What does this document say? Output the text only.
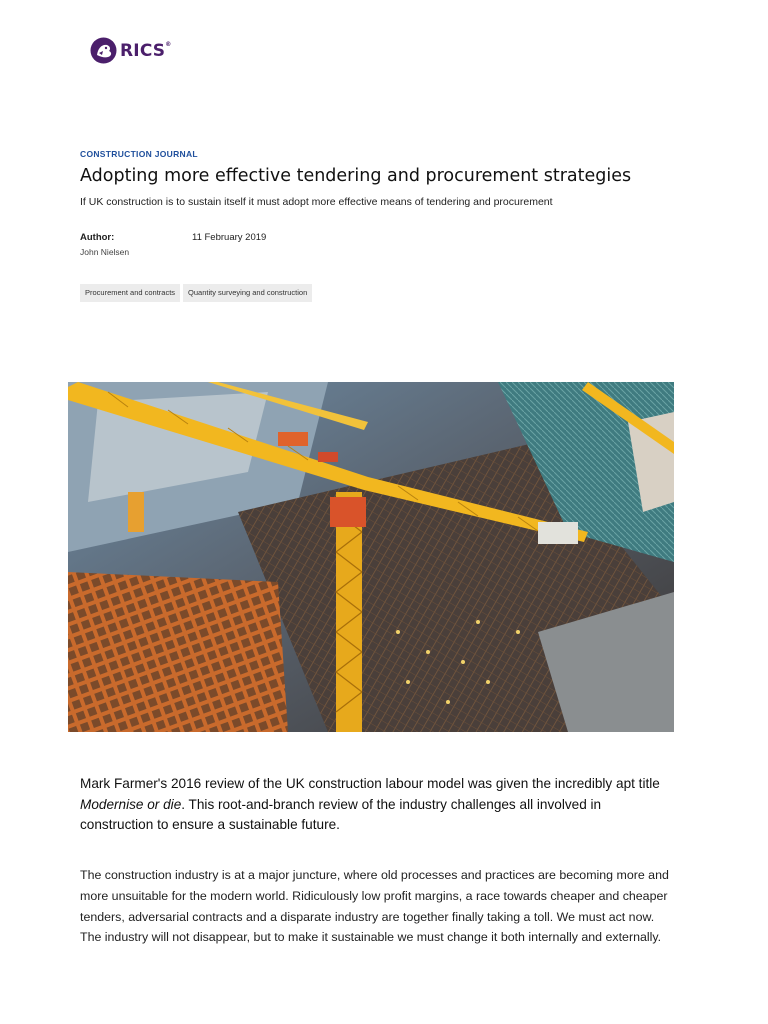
RICS®
CONSTRUCTION JOURNAL
Adopting more effective tendering and procurement strategies

If UK construction is to sustain itself it must adopt more effective means of tendering and procurement

Author:
John Nielsen
11 February 2019
Procurement and contracts	Quantity surveying and construction

Mark Farmer's 2016 review of the UK construction labour model was given the incredibly apt title Modernise or die. This root-and-branch review of the industry challenges all involved in construction to ensure a sustainable future.

The construction industry is at a major juncture, where old processes and practices are becoming more and more unsuitable for the modern world. Ridiculously low profit margins, a race towards cheaper and cheaper tenders, adversarial contracts and a disparate industry are together finally taking a toll. We must act now. The industry will not disappear, but to make it sustainable we must change it both internally and externally.
